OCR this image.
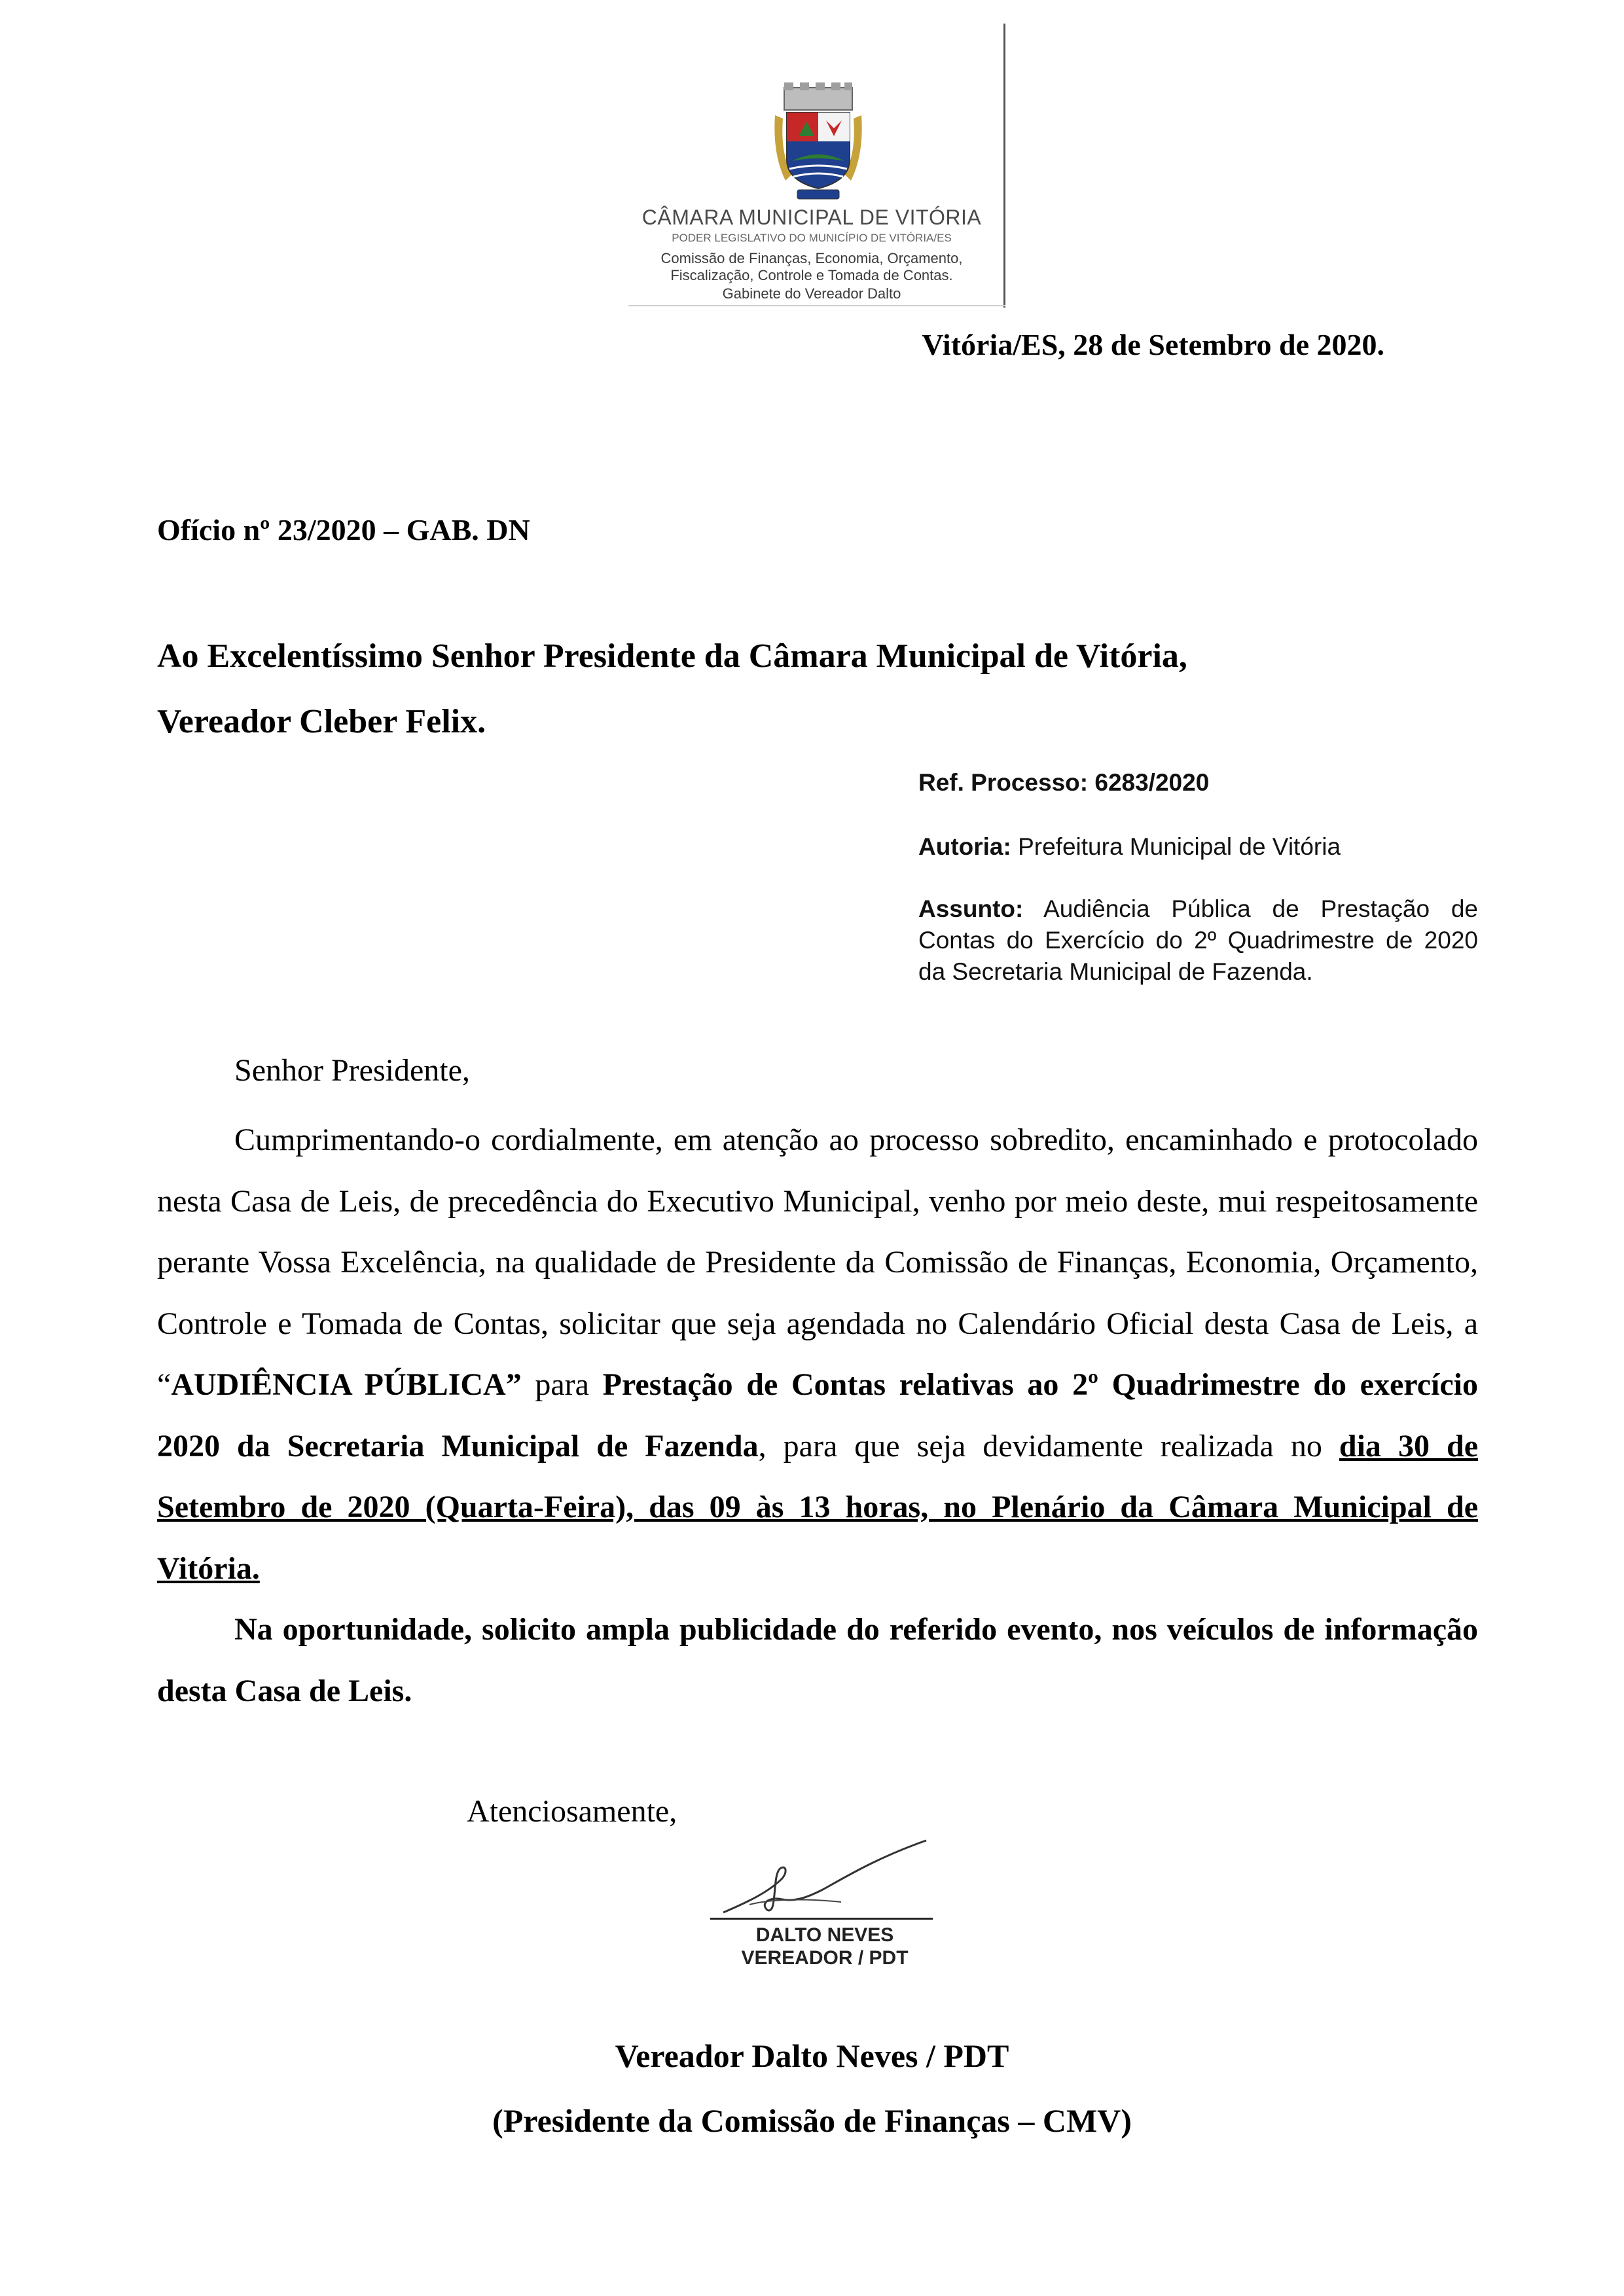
CÂMARA MUNICIPAL DE VITÓRIA
PODER LEGISLATIVO DO MUNICÍPIO DE VITÓRIA/ES
Comissão de Finanças, Economia, Orçamento,
Fiscalização, Controle e Tomada de Contas.
Gabinete do Vereador Dalto
Vitória/ES, 28 de Setembro de 2020.
Ofício nº 23/2020 – GAB. DN
Ao Excelentíssimo Senhor Presidente da Câmara Municipal de Vitória,
Vereador Cleber Felix.
Ref. Processo: 6283/2020
Autoria: Prefeitura Municipal de Vitória
Assunto: Audiência Pública de Prestação de Contas do Exercício do 2º Quadrimestre de 2020 da Secretaria Municipal de Fazenda.
Senhor Presidente,

Cumprimentando-o cordialmente, em atenção ao processo sobredito, encaminhado e protocolado nesta Casa de Leis, de precedência do Executivo Municipal, venho por meio deste, mui respeitosamente perante Vossa Excelência, na qualidade de Presidente da Comissão de Finanças, Economia, Orçamento, Controle e Tomada de Contas, solicitar que seja agendada no Calendário Oficial desta Casa de Leis, a “AUDIÊNCIA PÚBLICA” para Prestação de Contas relativas ao 2º Quadrimestre do exercício 2020 da Secretaria Municipal de Fazenda, para que seja devidamente realizada no dia 30 de Setembro de 2020 (Quarta-Feira), das 09 às 13 horas, no Plenário da Câmara Municipal de Vitória.

Na oportunidade, solicito ampla publicidade do referido evento, nos veículos de informação desta Casa de Leis.

Atenciosamente,
DALTO NEVES
VEREADOR / PDT
Vereador Dalto Neves / PDT
(Presidente da Comissão de Finanças – CMV)
